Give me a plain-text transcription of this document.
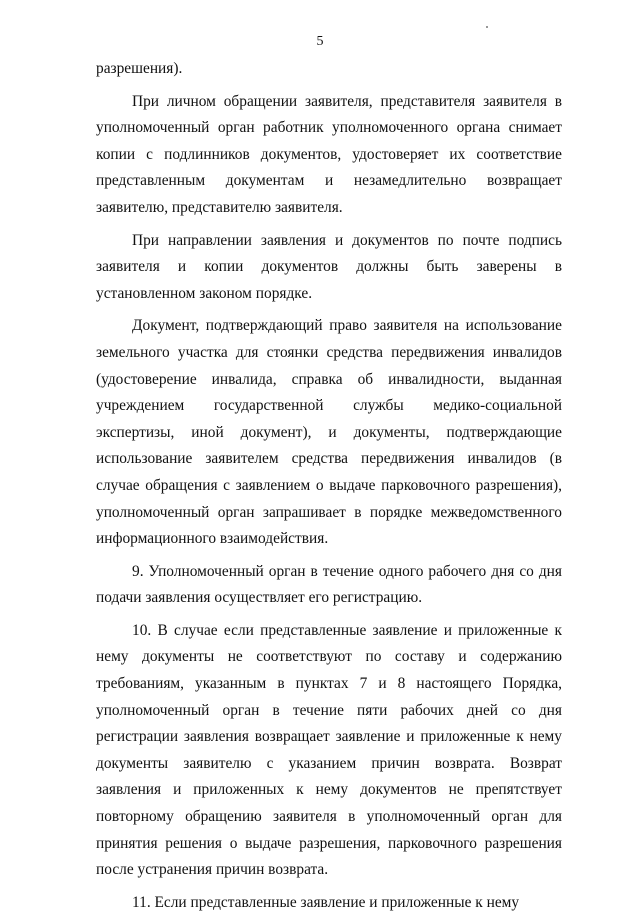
5

разрешения).

При личном обращении заявителя, представителя заявителя в уполномоченный орган работник уполномоченного органа снимает копии с подлинников документов, удостоверяет их соответствие представленным документам и незамедлительно возвращает заявителю, представителю заявителя.

При направлении заявления и документов по почте подпись заявителя и копии документов должны быть заверены в установленном законом порядке.

Документ, подтверждающий право заявителя на использование земельного участка для стоянки средства передвижения инвалидов (удостоверение инвалида, справка об инвалидности, выданная учреждением государственной службы медико-социальной экспертизы, иной документ), и документы, подтверждающие использование заявителем средства передвижения инвалидов (в случае обращения с заявлением о выдаче парковочного разрешения), уполномоченный орган запрашивает в порядке межведомственного информационного взаимодействия.

9. Уполномоченный орган в течение одного рабочего дня со дня подачи заявления осуществляет его регистрацию.

10. В случае если представленные заявление и приложенные к нему документы не соответствуют по составу и содержанию требованиям, указанным в пунктах 7 и 8 настоящего Порядка, уполномоченный орган в течение пяти рабочих дней со дня регистрации заявления возвращает заявление и приложенные к нему документы заявителю с указанием причин возврата. Возврат заявления и приложенных к нему документов не препятствует повторному обращению заявителя в уполномоченный орган для принятия решения о выдаче разрешения, парковочного разрешения после устранения причин возврата.

11. Если представленные заявление и приложенные к нему
